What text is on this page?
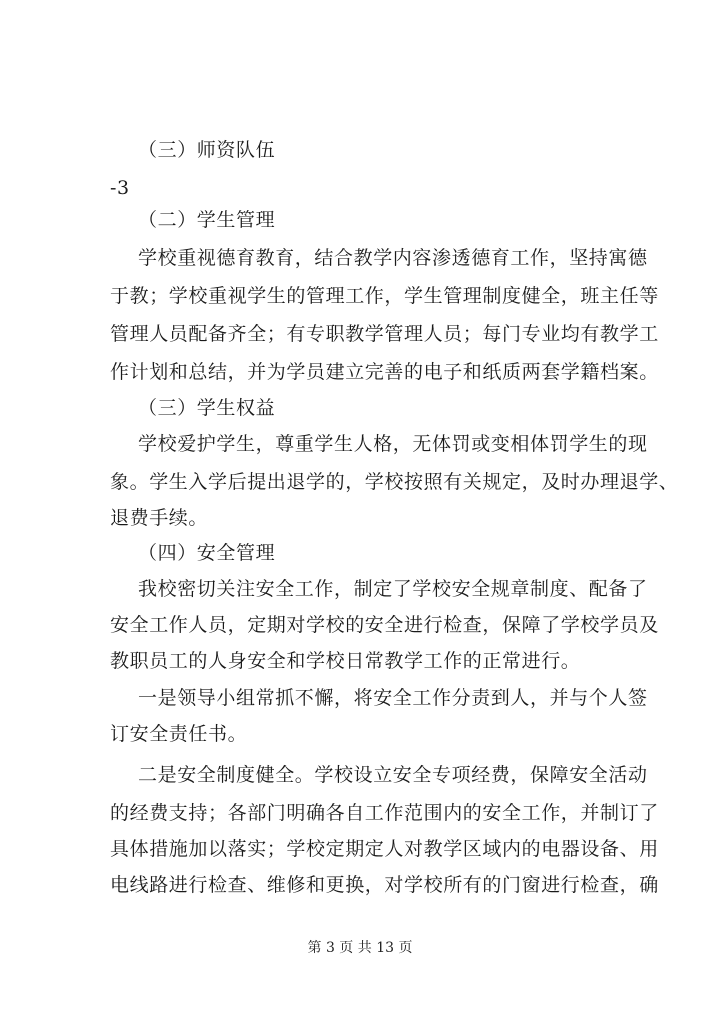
（三）师资队伍
-3
（二）学生管理
学校重视德育教育，结合教学内容渗透德育工作，坚持寓德
于教；学校重视学生的管理工作，学生管理制度健全，班主任等
管理人员配备齐全；有专职教学管理人员；每门专业均有教学工
作计划和总结，并为学员建立完善的电子和纸质两套学籍档案。
（三）学生权益
学校爱护学生，尊重学生人格，无体罚或变相体罚学生的现
象。学生入学后提出退学的，学校按照有关规定，及时办理退学、
退费手续。
（四）安全管理
我校密切关注安全工作，制定了学校安全规章制度、配备了
安全工作人员，定期对学校的安全进行检查，保障了学校学员及
教职员工的人身安全和学校日常教学工作的正常进行。
一是领导小组常抓不懈，将安全工作分责到人，并与个人签
订安全责任书。
二是安全制度健全。学校设立安全专项经费，保障安全活动
的经费支持；各部门明确各自工作范围内的安全工作，并制订了
具体措施加以落实；学校定期定人对教学区域内的电器设备、用
电线路进行检查、维修和更换，对学校所有的门窗进行检查，确
第 3 页 共 13 页
